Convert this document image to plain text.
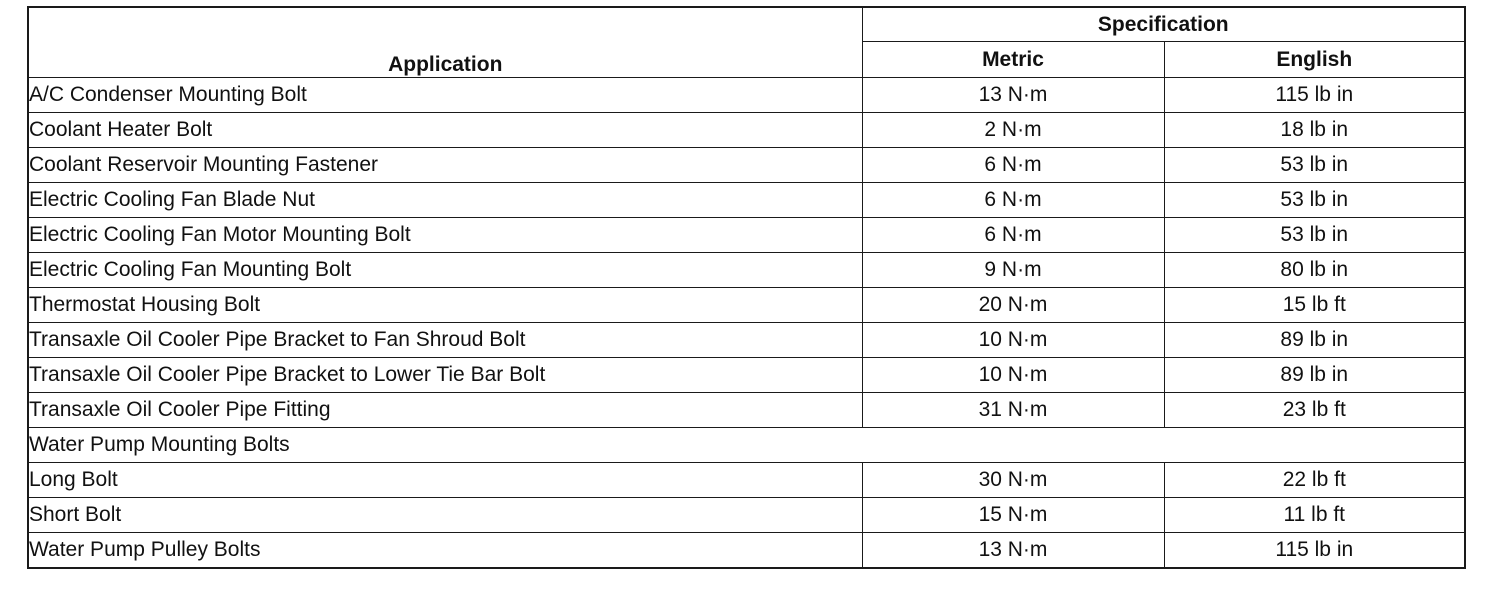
Application	Specification	
	Metric	English
A/C Condenser Mounting Bolt	13 N·m	115 lb in
Coolant Heater Bolt	2 N·m	18 lb in
Coolant Reservoir Mounting Fastener	6 N·m	53 lb in
Electric Cooling Fan Blade Nut	6 N·m	53 lb in
Electric Cooling Fan Motor Mounting Bolt	6 N·m	53 lb in
Electric Cooling Fan Mounting Bolt	9 N·m	80 lb in
Thermostat Housing Bolt	20 N·m	15 lb ft
Transaxle Oil Cooler Pipe Bracket to Fan Shroud Bolt	10 N·m	89 lb in
Transaxle Oil Cooler Pipe Bracket to Lower Tie Bar Bolt	10 N·m	89 lb in
Transaxle Oil Cooler Pipe Fitting	31 N·m	23 lb ft
Water Pump Mounting Bolts		
Long Bolt	30 N·m	22 lb ft
Short Bolt	15 N·m	11 lb ft
Water Pump Pulley Bolts	13 N·m	115 lb in
